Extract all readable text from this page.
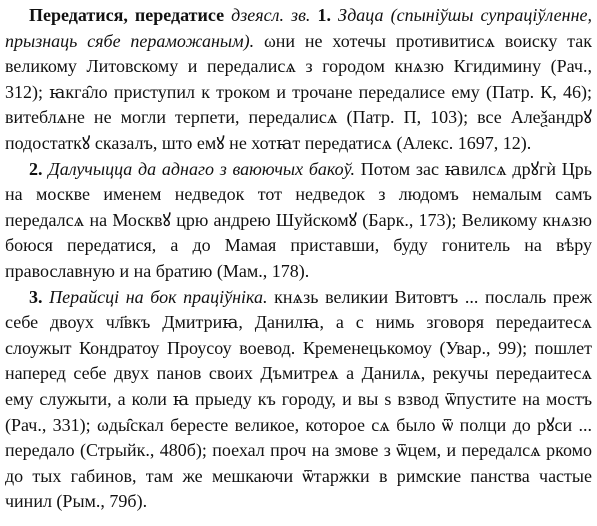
Передатися, передатисе дзеясл. зв. 1. Здаца (спыніўшы супраціўленне, прызнаць сябе пераможаным). ωни не хотечы противитисѧ воиску так великому Литовскому и передалисѧ з городом кнѧзю Кгидимину (Рач., 312); ꙗкга̑ло приступил к троком и трочане передалисе ему (Патр. К, 46); витеблѧне не могли терпети, передалисѧ (Патр. П, 103); все Алеѯандрꙋ подостаткꙋ сказалъ, што емꙋ не хотꙗт передатисѧ (Алекс. 1697, 12).

2. Далучыцца да аднаго з ваюючых бакоў. Потом зас ꙗвилсѧ дрꙋгѝ Црь на москве именем недведок тот недведок з людомъ немалым самъ передалсѧ на Москвꙋ црю андрею Шуйскомꙋ (Барк., 173); Великому кнѧзю боюся передатися, а до Мамая приставши, буду гонитель на вѣру православную и на братию (Мам., 178).

3. Перайсці на бок праціўніка. кнѧзь великии Витовтъ ... послаль преж себе двоух чл҃вкъ Дмитриꙗ, Данилꙗ, а с нимь зговоря передаитесѧ слоужыт Кондратоу Проусоу воевод. Кременецькомоу (Увар., 99); пошлет наперед себе двух панов своих Дъмитреѧ а Данилѧ, рекучы передаитесѧ ему служыти, а коли ꙗ прыеду къ городу, и вы ѕ взвод ѿпустите на мостъ (Рач., 331); ωды̑скал бересте великое, которое сѧ было ѿ полци до рꙋси ... передало (Стрыйк., 480б); поехал проч на змове з ѿцем, и передалсѧ ркомо до тых габинов, там же мешкаючи ѿтаржки в римские панства частые чинил (Рым., 79б).
